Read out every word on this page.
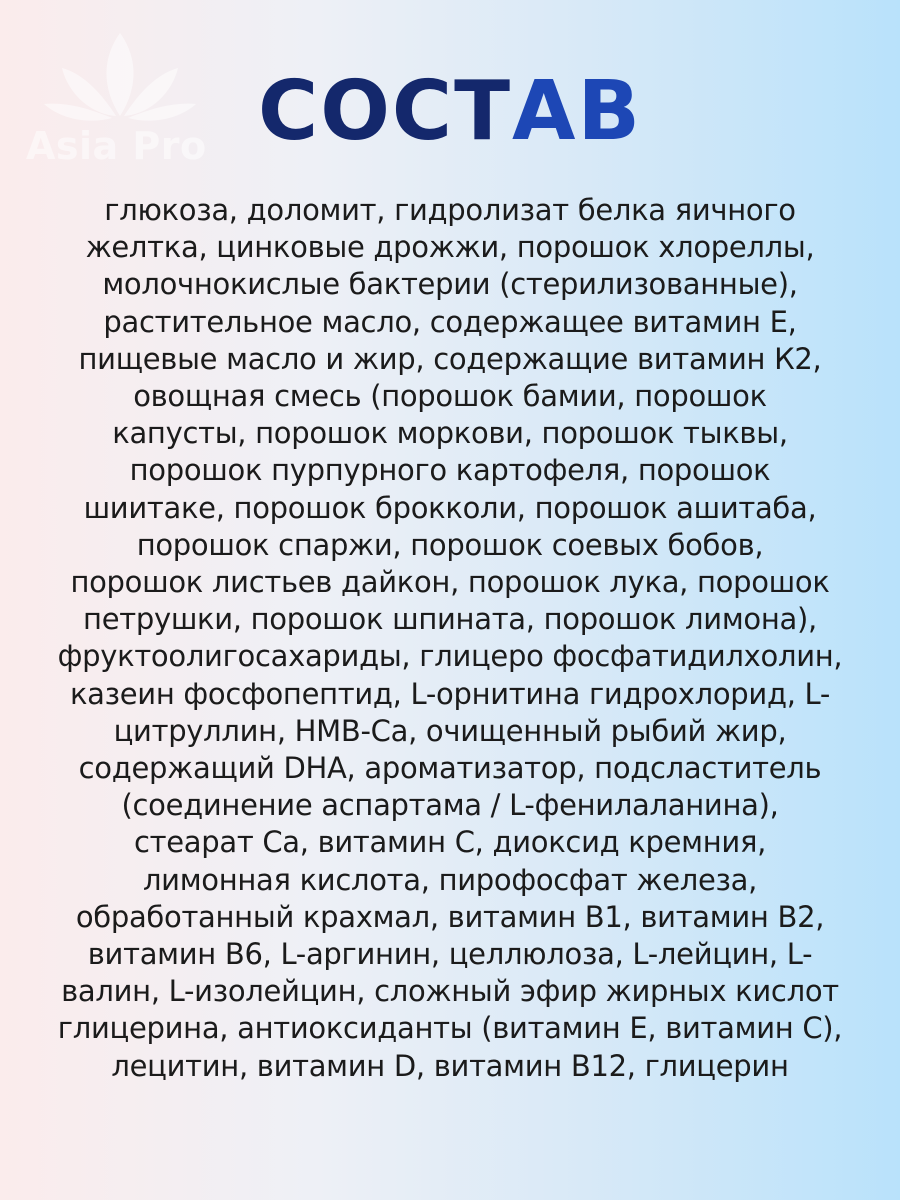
Asia Pro СОСТАВ

глюкоза, доломит, гидролизат белка яичного
желтка, цинковые дрожжи, порошок хлореллы,
молочнокислые бактерии (стерилизованные),
растительное масло, содержащее витамин Е,
пищевые масло и жир, содержащие витамин К2,
овощная смесь (порошок бамии, порошок
капусты, порошок моркови, порошок тыквы,
порошок пурпурного картофеля, порошок
шиитаке, порошок брокколи, порошок ашитаба,
порошок спаржи, порошок соевых бобов,
порошок листьев дайкон, порошок лука, порошок
петрушки, порошок шпината, порошок лимона),
фруктоолигосахариды, глицеро фосфатидилхолин,
казеин фосфопептид, L-орнитина гидрохлорид, L-
цитруллин, HMB-Ca, очищенный рыбий жир,
содержащий DHA, ароматизатор, подсластитель
(соединение аспартама / L-фенилаланина),
стеарат Са, витамин С, диоксид кремния,
лимонная кислота, пирофосфат железа,
обработанный крахмал, витамин В1, витамин В2,
витамин В6, L-аргинин, целлюлоза, L-лейцин, L-
валин, L-изолейцин, сложный эфир жирных кислот
глицерина, антиоксиданты (витамин Е, витамин С),
лецитин, витамин D, витамин В12, глицерин
